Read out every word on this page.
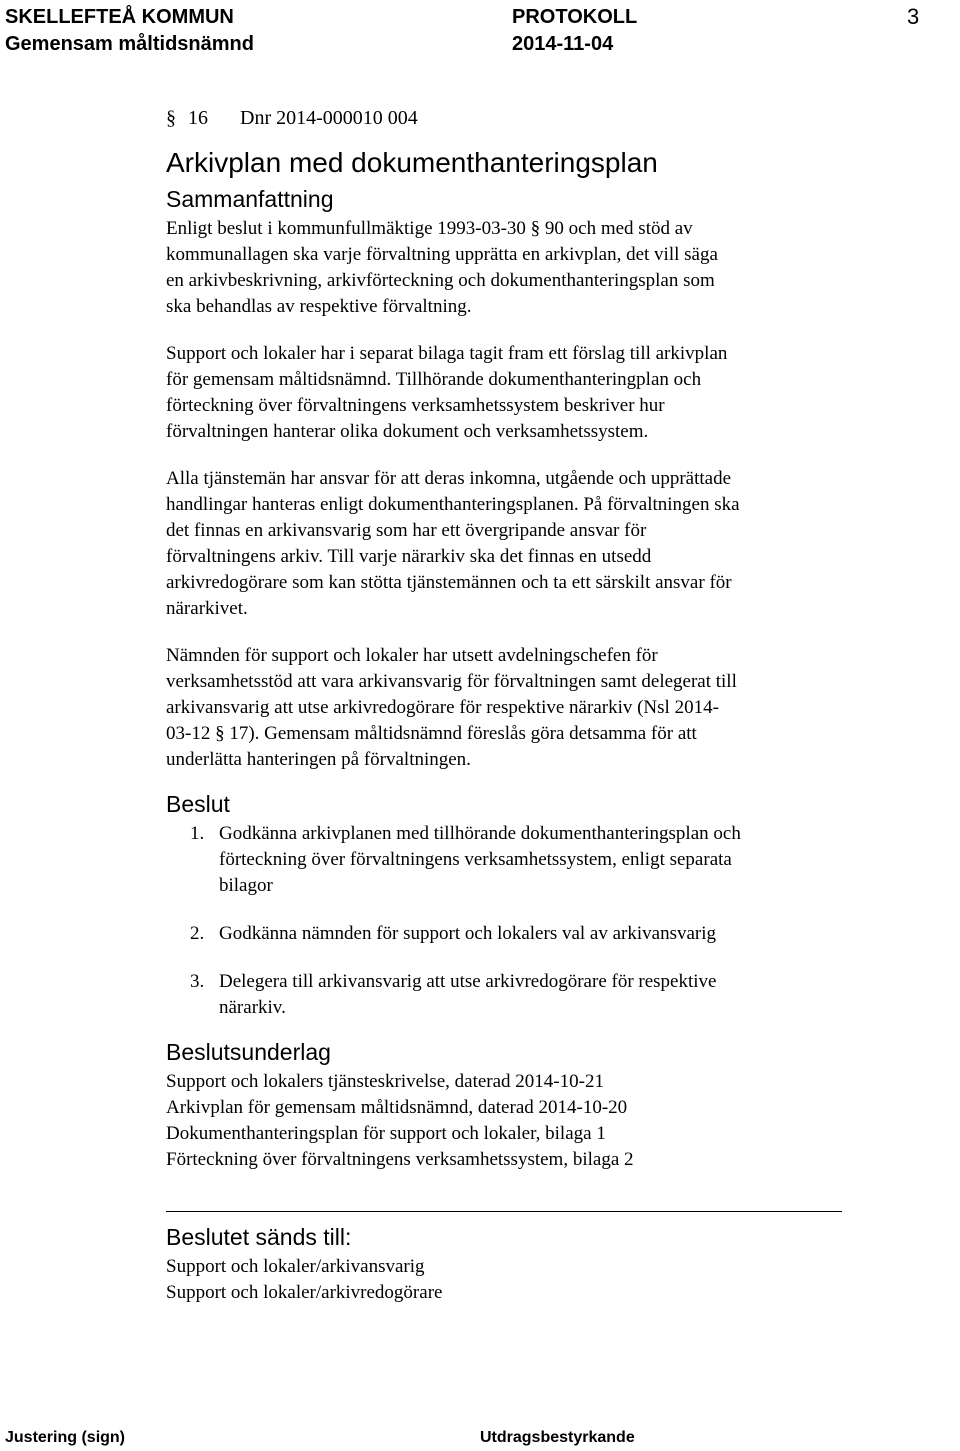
SKELLEFTEÅ KOMMUN	PROTOKOLL	3
Gemensam måltidsnämnd	2014-11-04
§ 16 Dnr 2014-000010 004
Arkivplan med dokumenthanteringsplan
Sammanfattning
Enligt beslut i kommunfullmäktige 1993-03-30 § 90 och med stöd av
kommunallagen ska varje förvaltning upprätta en arkivplan, det vill säga
en arkivbeskrivning, arkivförteckning och dokumenthanteringsplan som
ska behandlas av respektive förvaltning.
Support och lokaler har i separat bilaga tagit fram ett förslag till arkivplan
för gemensam måltidsnämnd. Tillhörande dokumenthanteringplan och
förteckning över förvaltningens verksamhetssystem beskriver hur
förvaltningen hanterar olika dokument och verksamhetssystem.
Alla tjänstemän har ansvar för att deras inkomna, utgående och upprättade
handlingar hanteras enligt dokumenthanteringsplanen. På förvaltningen ska
det finnas en arkivansvarig som har ett övergripande ansvar för
förvaltningens arkiv. Till varje närarkiv ska det finnas en utsedd
arkivredogörare som kan stötta tjänstemännen och ta ett särskilt ansvar för
närarkivet.
Nämnden för support och lokaler har utsett avdelningschefen för
verksamhetsstöd att vara arkivansvarig för förvaltningen samt delegerat till
arkivansvarig att utse arkivredogörare för respektive närarkiv (Nsl 2014-
03-12 § 17). Gemensam måltidsnämnd föreslås göra detsamma för att
underlätta hanteringen på förvaltningen.
Beslut
1. Godkänna arkivplanen med tillhörande dokumenthanteringsplan och
förteckning över förvaltningens verksamhetssystem, enligt separata
bilagor
2. Godkänna nämnden för support och lokalers val av arkivansvarig
3. Delegera till arkivansvarig att utse arkivredogörare för respektive
närarkiv.
Beslutsunderlag
Support och lokalers tjänsteskrivelse, daterad 2014-10-21
Arkivplan för gemensam måltidsnämnd, daterad 2014-10-20
Dokumenthanteringsplan för support och lokaler, bilaga 1
Förteckning över förvaltningens verksamhetssystem, bilaga 2
Beslutet sänds till:
Support och lokaler/arkivansvarig
Support och lokaler/arkivredogörare
Justering (sign)	Utdragsbestyrkande
